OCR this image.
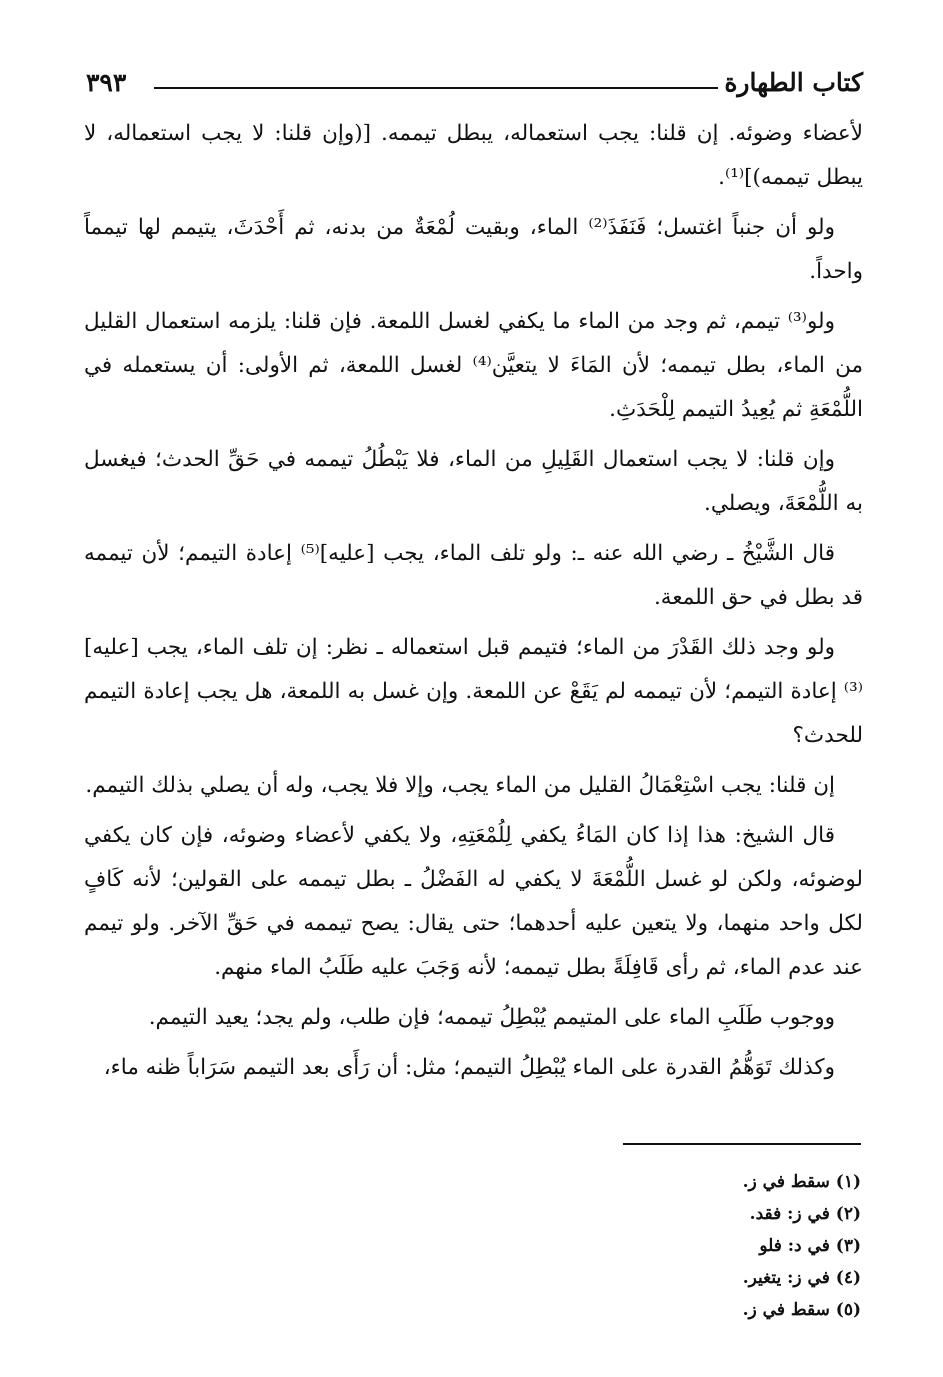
كتاب الطهارة
٣٩٣

لأعضاء وضوئه. إن قلنا: يجب استعماله، يبطل تيممه. [(وإن قلنا: لا يجب استعماله، لا يبطل تيممه)]⁽¹⁾.

ولو أن جنباً اغتسل؛ فَنَفَذَ⁽²⁾ الماء، وبقيت لُمْعَةٌ من بدنه، ثم أَحْدَثَ، يتيمم لها تيمماً واحداً.

ولو⁽³⁾ تيمم، ثم وجد من الماء ما يكفي لغسل اللمعة. فإن قلنا: يلزمه استعمال القليل من الماء، بطل تيممه؛ لأن المَاءَ لا يتعيَّن⁽⁴⁾ لغسل اللمعة، ثم الأولى: أن يستعمله في اللُّمْعَةِ ثم يُعِيدُ التيمم لِلْحَدَثِ.

وإن قلنا: لا يجب استعمال القَلِيلِ من الماء، فلا يَبْطُلُ تيممه في حَقِّ الحدث؛ فيغسل به اللُّمْعَةَ، ويصلي.

قال الشَّيْخُ ـ رضي الله عنه ـ: ولو تلف الماء، يجب [عليه]⁽⁵⁾ إعادة التيمم؛ لأن تيممه قد بطل في حق اللمعة.

ولو وجد ذلك القَدْرَ من الماء؛ فتيمم قبل استعماله ـ نظر: إن تلف الماء، يجب [عليه]⁽³⁾ إعادة التيمم؛ لأن تيممه لم يَقَعْ عن اللمعة. وإن غسل به اللمعة، هل يجب إعادة التيمم للحدث؟

إن قلنا: يجب اسْتِعْمَالُ القليل من الماء يجب، وإلا فلا يجب، وله أن يصلي بذلك التيمم.

قال الشيخ: هذا إذا كان المَاءُ يكفي لِلُمْعَتِهِ، ولا يكفي لأعضاء وضوئه، فإن كان يكفي لوضوئه، ولكن لو غسل اللُّمْعَةَ لا يكفي له الفَضْلُ ـ بطل تيممه على القولين؛ لأنه كَافٍ لكل واحد منهما، ولا يتعين عليه أحدهما؛ حتى يقال: يصح تيممه في حَقِّ الآخر. ولو تيمم عند عدم الماء، ثم رأى قَافِلَةً بطل تيممه؛ لأنه وَجَبَ عليه طَلَبُ الماء منهم.

ووجوب طَلَبِ الماء على المتيمم يُبْطِلُ تيممه؛ فإن طلب، ولم يجد؛ يعيد التيمم.

وكذلك تَوَهُّمُ القدرة على الماء يُبْطِلُ التيمم؛ مثل: أن رَأَى بعد التيمم سَرَاباً ظنه ماء،

(١) سقط في ز.
(٢) في ز: فقد.
(٣) في د: فلو
(٤) في ز: يتغير.
(٥) سقط في ز.
